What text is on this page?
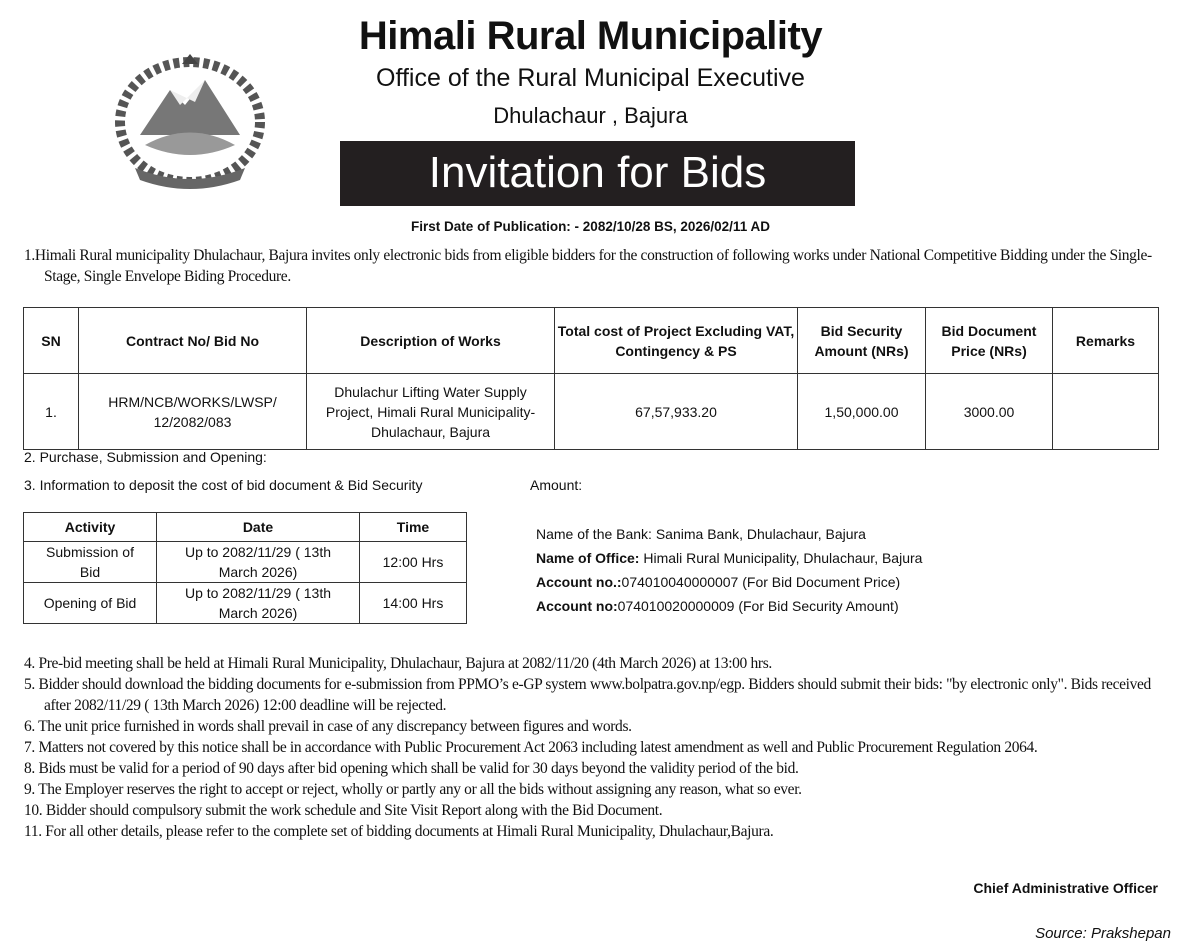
Himali Rural Municipality
Office of the Rural Municipal Executive
Dhulachaur , Bajura
Invitation for Bids
First Date of Publication: - 2082/10/28 BS, 2026/02/11 AD
1.Himali Rural municipality Dhulachaur, Bajura invites only electronic bids from eligible bidders for the construction of following works under National Competitive Bidding under the Single-Stage, Single Envelope Biding Procedure.
SN	Contract No/ Bid No	Description of Works	Total cost of Project Excluding VAT, Contingency & PS	Bid Security Amount (NRs)	Bid Document Price (NRs)	Remarks
1.	HRM/NCB/WORKS/LWSP/ 12/2082/083	Dhulachur Lifting Water Supply Project, Himali Rural Municipality-Dhulachaur, Bajura	67,57,933.20	1,50,000.00	3000.00	
2. Purchase, Submission and Opening:
3. Information to deposit the cost of bid document & Bid Security	Amount:
Activity	Date	Time
Submission of Bid	Up to 2082/11/29 ( 13th March 2026)	12:00 Hrs
Opening of Bid	Up to 2082/11/29 ( 13th March 2026)	14:00 Hrs
Name of the Bank: Sanima Bank, Dhulachaur, Bajura
Name of Office: Himali Rural Municipality, Dhulachaur, Bajura
Account no.:074010040000007 (For Bid Document Price)
Account no:074010020000009 (For Bid Security Amount)
4. Pre-bid meeting shall be held at Himali Rural Municipality, Dhulachaur, Bajura at 2082/11/20 (4th March 2026) at 13:00 hrs.
5. Bidder should download the bidding documents for e-submission from PPMO’s e-GP system www.bolpatra.gov.np/egp. Bidders should submit their bids: "by electronic only". Bids received after 2082/11/29 ( 13th March 2026) 12:00 deadline will be rejected.
6. The unit price furnished in words shall prevail in case of any discrepancy between figures and words.
7. Matters not covered by this notice shall be in accordance with Public Procurement Act 2063 including latest amendment as well and Public Procurement Regulation 2064.
8. Bids must be valid for a period of 90 days after bid opening which shall be valid for 30 days beyond the validity period of the bid.
9. The Employer reserves the right to accept or reject, wholly or partly any or all the bids without assigning any reason, what so ever.
10. Bidder should compulsory submit the work schedule and Site Visit Report along with the Bid Document.
11. For all other details, please refer to the complete set of bidding documents at Himali Rural Municipality, Dhulachaur,Bajura.
Chief Administrative Officer
Source: Prakshepan
